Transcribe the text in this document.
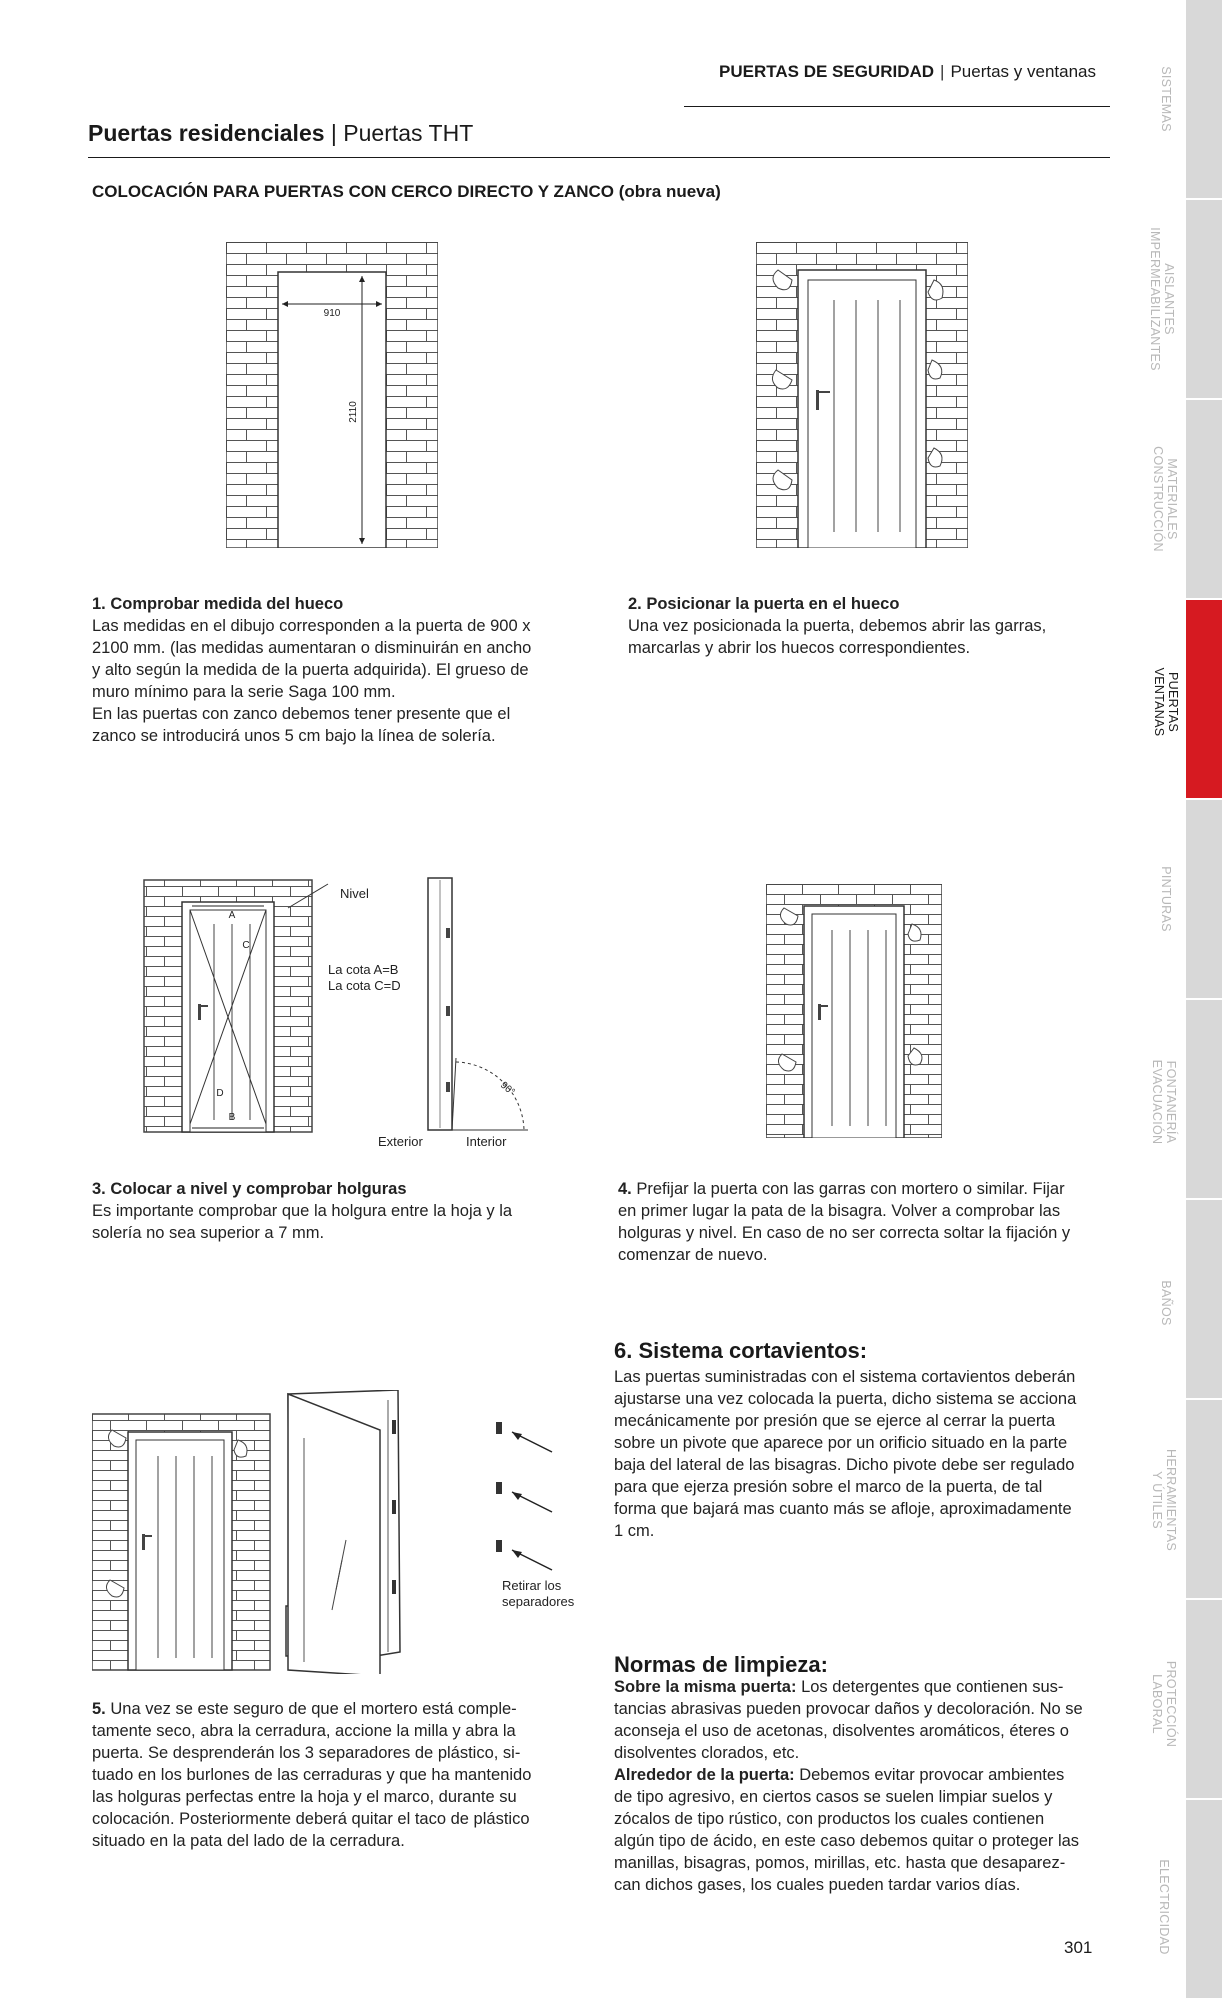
PUERTAS DE SEGURIDAD | Puertas y ventanas
Puertas residenciales | Puertas THT
COLOCACIÓN PARA PUERTAS CON CERCO DIRECTO Y ZANCO (obra nueva)
910
2110
1. Comprobar medida del hueco
Las medidas en el dibujo corresponden a la puerta de 900 x
2100 mm. (las medidas aumentaran o disminuirán en ancho
y alto según la medida de la puerta adquirida). El grueso de
muro mínimo para la serie Saga 100 mm.
En las puertas con zanco debemos tener presente que el
zanco se introducirá unos 5 cm bajo la línea de solería.
2. Posicionar la puerta en el hueco
Una vez posicionada la puerta, debemos abrir las garras,
marcarlas y abrir los huecos correspondientes.
A
B
C
D
Nivel
La cota A=B
La cota C=D
90°
Exterior	Interior
3. Colocar a nivel y comprobar holguras
Es importante comprobar que la holgura entre la hoja y la
solería no sea superior a 7 mm.
4. Prefijar la puerta con las garras con mortero o similar. Fijar
en primer lugar la pata de la bisagra. Volver a comprobar las
holguras y nivel. En caso de no ser correcta soltar la fijación y
comenzar de nuevo.
6. Sistema cortavientos:
Las puertas suministradas con el sistema cortavientos deberán
ajustarse una vez colocada la puerta, dicho sistema se acciona
mecánicamente por presión que se ejerce al cerrar la puerta
sobre un pivote que aparece por un orificio situado en la parte
baja del lateral de las bisagras. Dicho pivote debe ser regulado
para que ejerza presión sobre el marco de la puerta, de tal
forma que bajará mas cuanto más se afloje, aproximadamente
1 cm.
Retirar los
separadores
5. Una vez se este seguro de que el mortero está comple-
tamente seco, abra la cerradura, accione la milla y abra la
puerta. Se desprenderán los 3 separadores de plástico, si-
tuado en los burlones de las cerraduras y que ha mantenido
las holguras perfectas entre la hoja y el marco, durante su
colocación. Posteriormente deberá quitar el taco de plástico
situado en la pata del lado de la cerradura.
Normas de limpieza:
Sobre la misma puerta: Los detergentes que contienen sus-
tancias abrasivas pueden provocar daños y decoloración. No se
aconseja el uso de acetonas, disolventes aromáticos, éteres o
disolventes clorados, etc.
Alrededor de la puerta: Debemos evitar provocar ambientes
de tipo agresivo, en ciertos casos se suelen limpiar suelos y
zócalos de tipo rústico, con productos los cuales contienen
algún tipo de ácido, en este caso debemos quitar o proteger las
manillas, bisagras, pomos, mirillas, etc. hasta que desaparez-
can dichos gases, los cuales pueden tardar varios días.
301
SISTEMAS
AISLANTES
IMPERMEABILIZANTES
MATERIALES
CONSTRUCCIÓN
PUERTAS
VENTANAS
PINTURAS
FONTANERÍA
EVACUACIÓN
BAÑOS
HERRAMIENTAS
Y ÚTILES
PROTECCIÓN
LABORAL
ELECTRICIDAD
